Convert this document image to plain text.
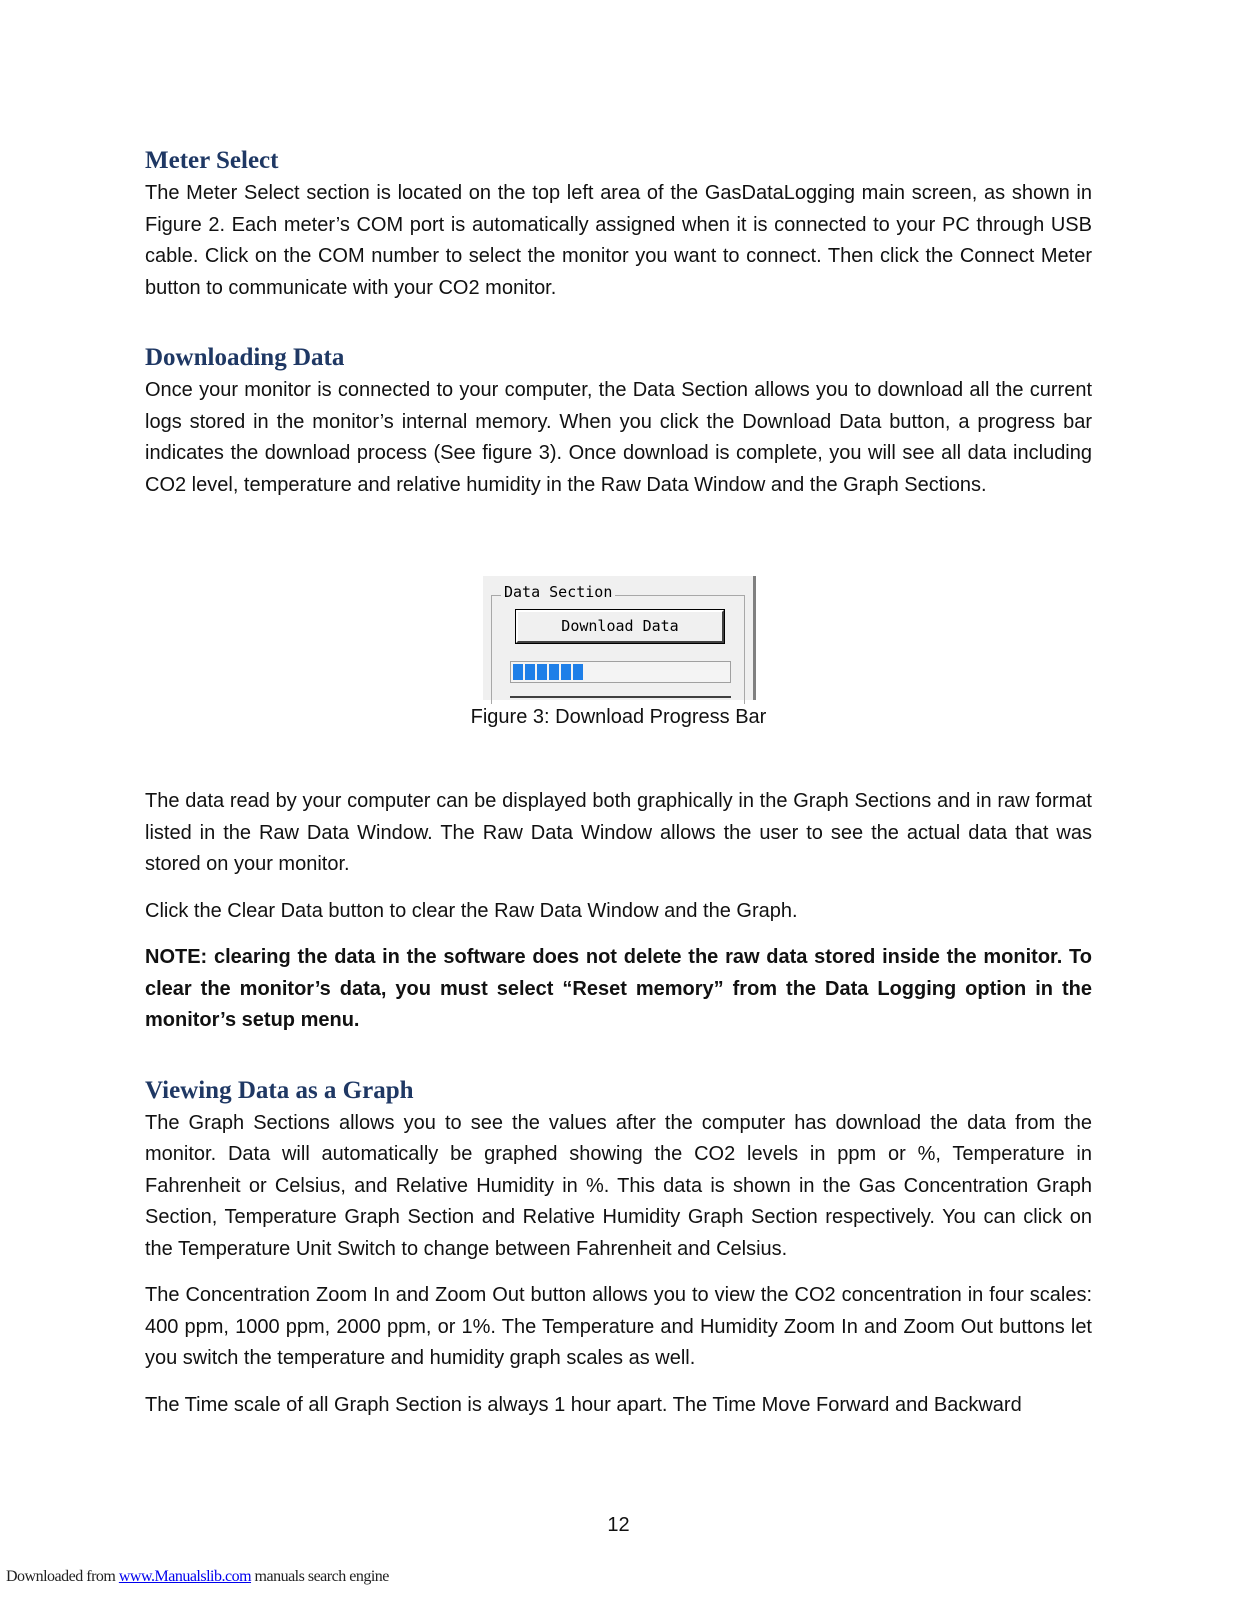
Meter Select

The Meter Select section is located on the top left area of the GasDataLogging main screen, as shown in Figure 2. Each meter’s COM port is automatically assigned when it is connected to your PC through USB cable. Click on the COM number to select the monitor you want to connect. Then click the Connect Meter button to communicate with your CO2 monitor.

Downloading Data

Once your monitor is connected to your computer, the Data Section allows you to download all the current logs stored in the monitor’s internal memory. When you click the Download Data button, a progress bar indicates the download process (See figure 3). Once download is complete, you will see all data including CO2 level, temperature and relative humidity in the Raw Data Window and the Graph Sections.

Data Section
Download Data
Figure 3: Download Progress Bar

The data read by your computer can be displayed both graphically in the Graph Sections and in raw format listed in the Raw Data Window. The Raw Data Window allows the user to see the actual data that was stored on your monitor.

Click the Clear Data button to clear the Raw Data Window and the Graph.

NOTE: clearing the data in the software does not delete the raw data stored inside the monitor. To clear the monitor’s data, you must select “Reset memory” from the Data Logging option in the monitor’s setup menu.

Viewing Data as a Graph

The Graph Sections allows you to see the values after the computer has download the data from the monitor. Data will automatically be graphed showing the CO2 levels in ppm or %, Temperature in Fahrenheit or Celsius, and Relative Humidity in %. This data is shown in the Gas Concentration Graph Section, Temperature Graph Section and Relative Humidity Graph Section respectively. You can click on the Temperature Unit Switch to change between Fahrenheit and Celsius.

The Concentration Zoom In and Zoom Out button allows you to view the CO2 concentration in four scales: 400 ppm, 1000 ppm, 2000 ppm, or 1%. The Temperature and Humidity Zoom In and Zoom Out buttons let you switch the temperature and humidity graph scales as well.

The Time scale of all Graph Section is always 1 hour apart. The Time Move Forward and Backward

12
Downloaded from www.Manualslib.com manuals search engine
